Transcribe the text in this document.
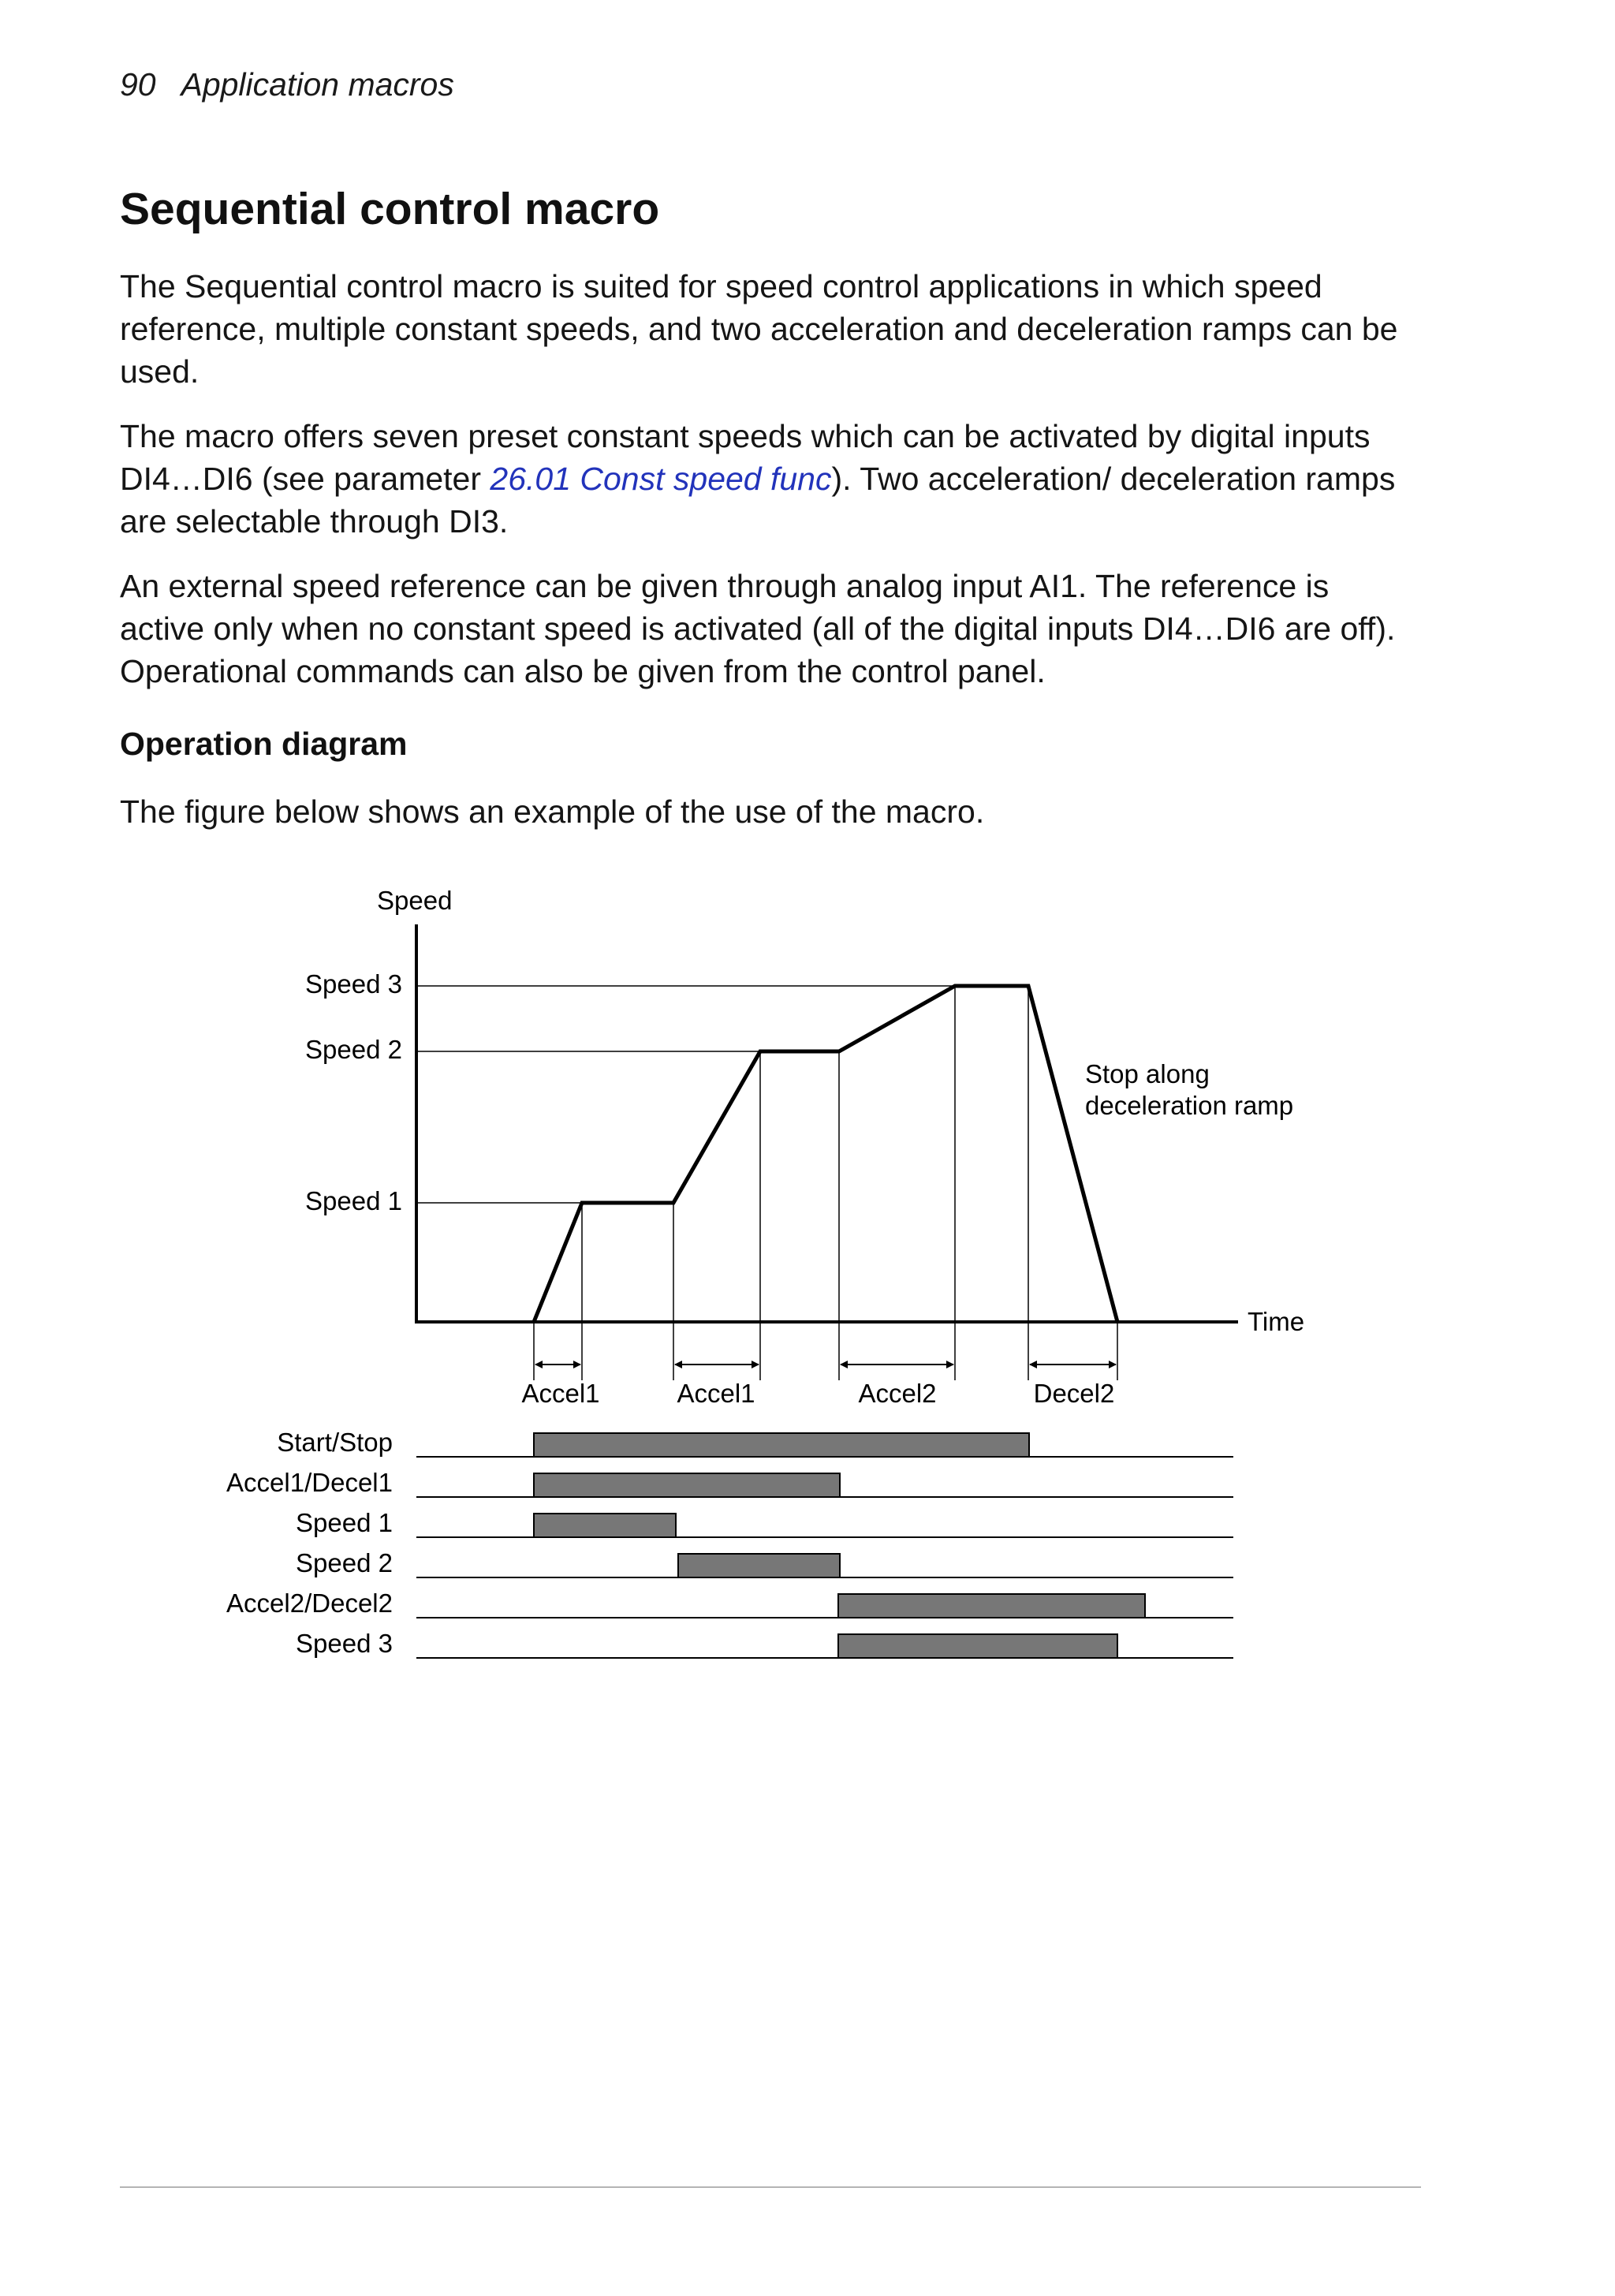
90 Application macros
Sequential control macro

The Sequential control macro is suited for speed control applications in which speed reference, multiple constant speeds, and two acceleration and deceleration ramps can be used.

The macro offers seven preset constant speeds which can be activated by digital inputs DI4…DI6 (see parameter 26.01 Const speed func). Two acceleration/ deceleration ramps are selectable through DI3.

An external speed reference can be given through analog input AI1. The reference is active only when no constant speed is activated (all of the digital inputs DI4…DI6 are off). Operational commands can also be given from the control panel.

Operation diagram

The figure below shows an example of the use of the macro.

Speed
Time
Speed 3
Speed 2
Speed 1
Stop along
deceleration ramp
Accel1	Accel1	Accel2	Decel2
Start/Stop
Accel1/Decel1
Speed 1
Speed 2
Accel2/Decel2
Speed 3
